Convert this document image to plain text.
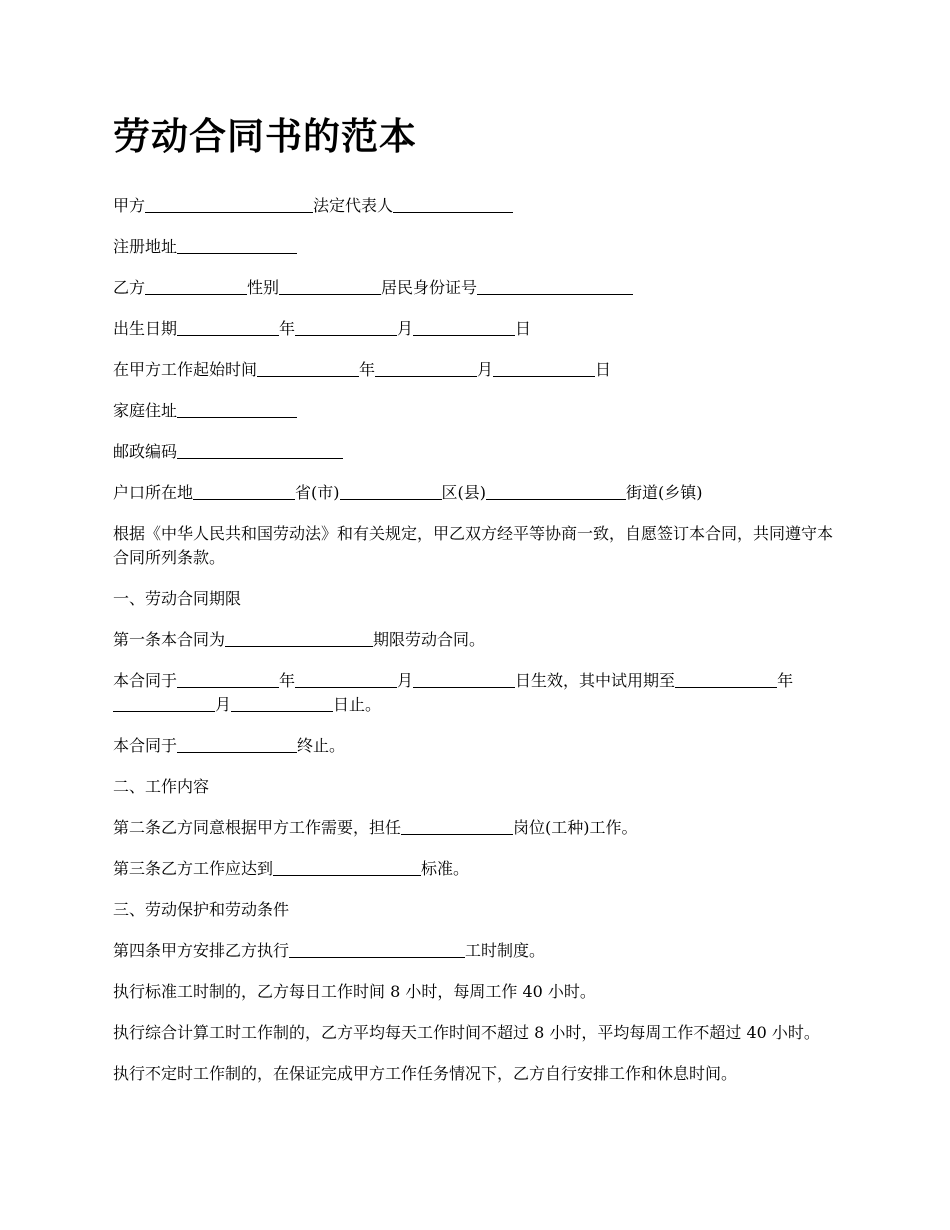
劳动合同书的范本
甲方	法定代表人
注册地址
乙方	性别	居民身份证号
出生日期	年	月	日
在甲方工作起始时间	年	月	日
家庭住址
邮政编码
户口所在地	省(市)	区(县)	街道(乡镇)
根据《中华人民共和国劳动法》和有关规定，甲乙双方经平等协商一致，自愿签订本合同，共同遵守本合同所列条款。
一、劳动合同期限
第一条本合同为	期限劳动合同。
本合同于	年	月	日生效，其中试用期至	年月	日止。
本合同于	终止。
二、工作内容
第二条乙方同意根据甲方工作需要，担任	岗位(工种)工作。
第三条乙方工作应达到	标准。
三、劳动保护和劳动条件
第四条甲方安排乙方执行	工时制度。
执行标准工时制的，乙方每日工作时间 8 小时，每周工作 40 小时。
执行综合计算工时工作制的，乙方平均每天工作时间不超过 8 小时，平均每周工作不超过 40 小时。
执行不定时工作制的，在保证完成甲方工作任务情况下，乙方自行安排工作和休息时间。
